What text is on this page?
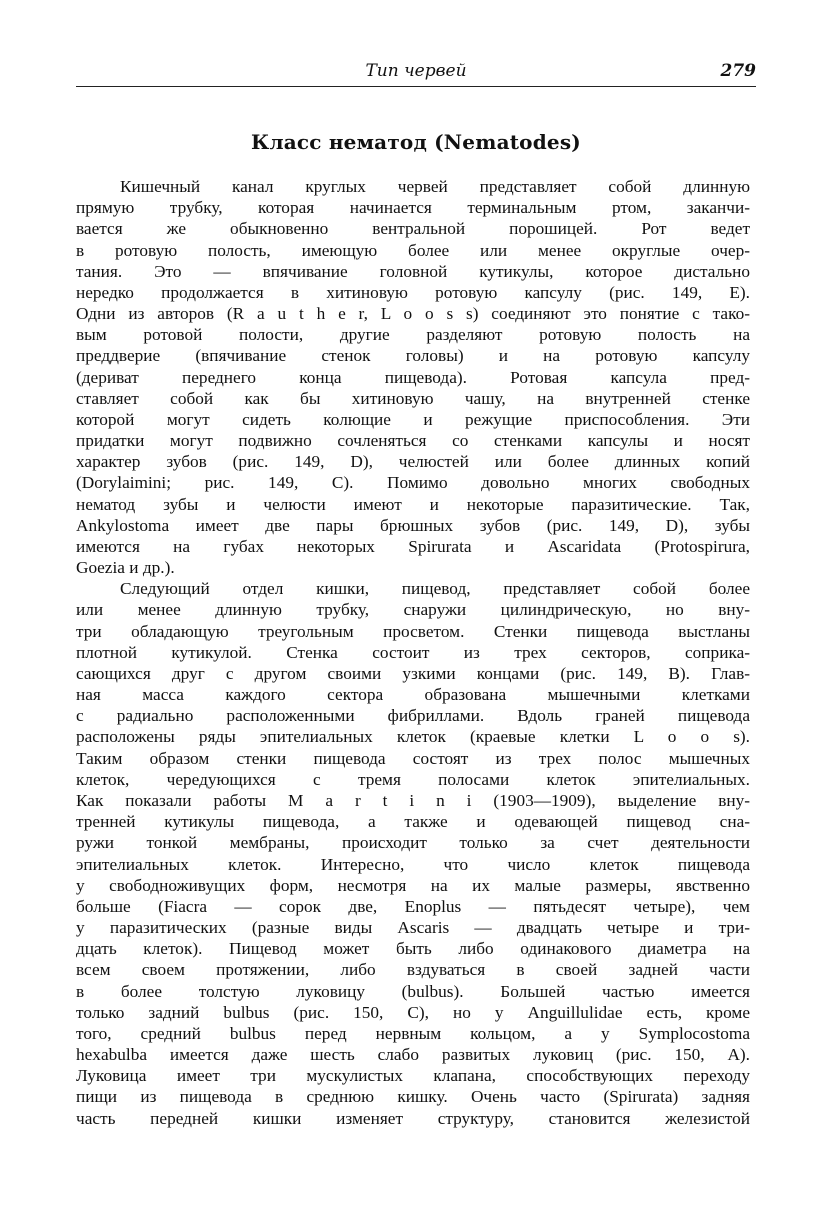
Тип червей	279
Класс нематод (Nematodes)
Кишечный канал круглых червей представляет собой длинную
прямую трубку, которая начинается терминальным ртом, заканчи-
вается же обыкновенно вентральной порошицей. Рот ведет
в ротовую полость, имеющую более или менее округлые очер-
тания. Это — впячивание головной кутикулы, которое дистально
нередко продолжается в хитиновую ротовую капсулу (рис. 149, E).
Одни из авторов (R a u t h e r, L o o s s) соединяют это понятие с тако-
вым ротовой полости, другие разделяют ротовую полость на
преддверие (впячивание стенок головы) и на ротовую капсулу
(дериват переднего конца пищевода). Ротовая капсула пред-
ставляет собой как бы хитиновую чашу, на внутренней стенке
которой могут сидеть колющие и режущие приспособления. Эти
придатки могут подвижно сочленяться со стенками капсулы и носят
характер зубов (рис. 149, D), челюстей или более длинных копий
(Dorylaimini; рис. 149, C). Помимо довольно многих свободных
нематод зубы и челюсти имеют и некоторые паразитические. Так,
Ankylostoma имеет две пары брюшных зубов (рис. 149, D), зубы
имеются на губах некоторых Spirurata и Ascaridata (Protospirura,
Goezia и др.).
Следующий отдел кишки, пищевод, представляет собой более
или менее длинную трубку, снаружи цилиндрическую, но вну-
три обладающую треугольным просветом. Стенки пищевода выстланы
плотной кутикулой. Стенка состоит из трех секторов, соприка-
сающихся друг с другом своими узкими концами (рис. 149, B). Глав-
ная масса каждого сектора образована мышечными клетками
с радиально расположенными фибриллами. Вдоль граней пищевода
расположены ряды эпителиальных клеток (краевые клетки L o o s).
Таким образом стенки пищевода состоят из трех полос мышечных
клеток, чередующихся с тремя полосами клеток эпителиальных.
Как показали работы M a r t i n i (1903—1909), выделение вну-
тренней кутикулы пищевода, а также и одевающей пищевод сна-
ружи тонкой мембраны, происходит только за счет деятельности
эпителиальных клеток. Интересно, что число клеток пищевода
у свободноживущих форм, несмотря на их малые размеры, явственно
больше (Fiacra — сорок две, Enoplus — пятьдесят четыре), чем
у паразитических (разные виды Ascaris — двадцать четыре и три-
дцать клеток). Пищевод может быть либо одинакового диаметра на
всем своем протяжении, либо вздуваться в своей задней части
в более толстую луковицу (bulbus). Большей частью имеется
только задний bulbus (рис. 150, C), но у Anguillulidae есть, кроме
того, средний bulbus перед нервным кольцом, а у Symplocostoma
hexabulba имеется даже шесть слабо развитых луковиц (рис. 150, A).
Луковица имеет три мускулистых клапана, способствующих переходу
пищи из пищевода в среднюю кишку. Очень часто (Spirurata) задняя
часть передней кишки изменяет структуру, становится железистой
